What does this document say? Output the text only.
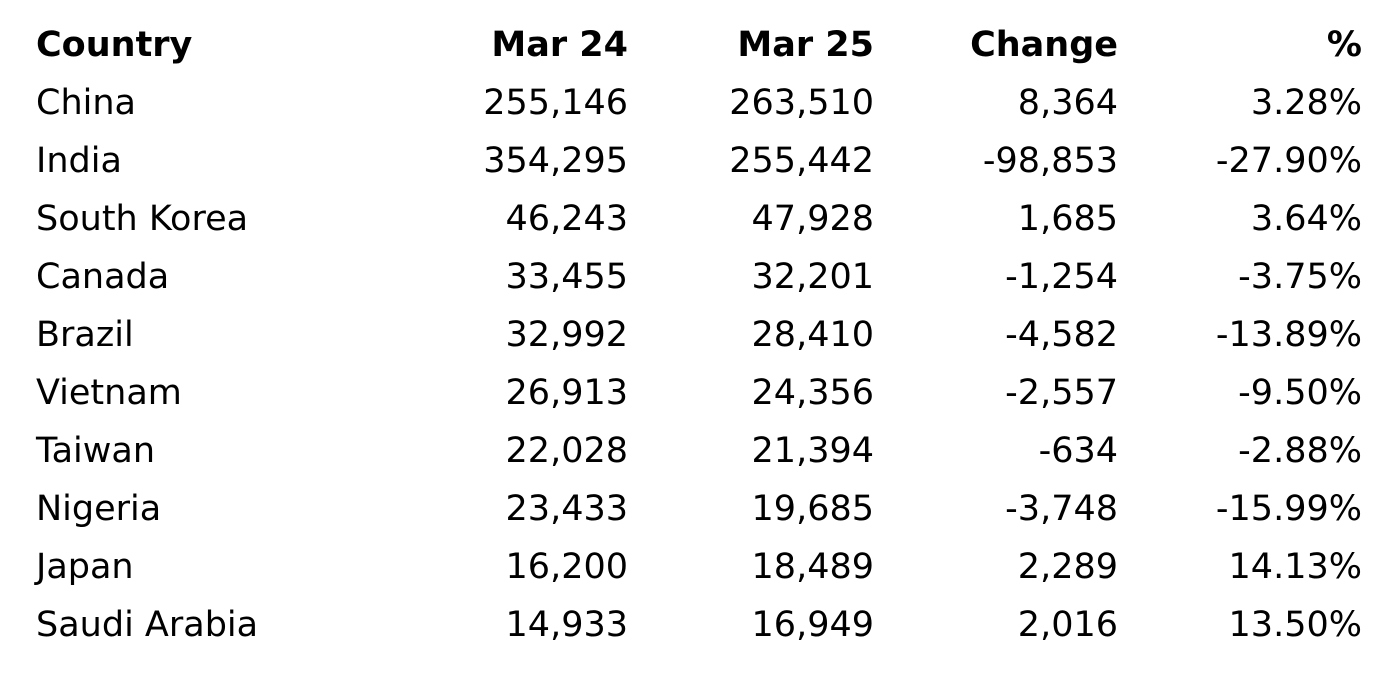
Country	Mar 24	Mar 25	Change	%
China	255,146	263,510	8,364	3.28%
India	354,295	255,442	-98,853	-27.90%
South Korea	46,243	47,928	1,685	3.64%
Canada	33,455	32,201	-1,254	-3.75%
Brazil	32,992	28,410	-4,582	-13.89%
Vietnam	26,913	24,356	-2,557	-9.50%
Taiwan	22,028	21,394	-634	-2.88%
Nigeria	23,433	19,685	-3,748	-15.99%
Japan	16,200	18,489	2,289	14.13%
Saudi Arabia	14,933	16,949	2,016	13.50%
